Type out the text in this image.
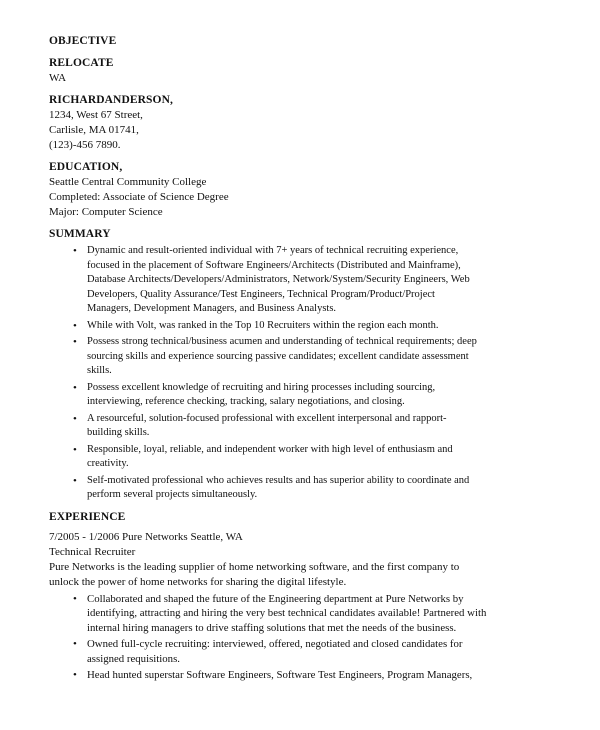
OBJECTIVE
RELOCATE
WA
RICHARDANDERSON,
1234, West 67 Street,
Carlisle, MA 01741,
(123)-456 7890.
EDUCATION,
Seattle Central Community College
Completed: Associate of Science Degree
Major: Computer Science
SUMMARY
• Dynamic and result-oriented individual with 7+ years of technical recruiting experience,
focused in the placement of Software Engineers/Architects (Distributed and Mainframe),
Database Architects/Developers/Administrators, Network/System/Security Engineers, Web
Developers, Quality Assurance/Test Engineers, Technical Program/Product/Project
Managers, Development Managers, and Business Analysts.
• While with Volt, was ranked in the Top 10 Recruiters within the region each month.
• Possess strong technical/business acumen and understanding of technical requirements; deep
sourcing skills and experience sourcing passive candidates; excellent candidate assessment
skills.
• Possess excellent knowledge of recruiting and hiring processes including sourcing,
interviewing, reference checking, tracking, salary negotiations, and closing.
• A resourceful, solution-focused professional with excellent interpersonal and rapport-
building skills.
• Responsible, loyal, reliable, and independent worker with high level of enthusiasm and
creativity.
• Self-motivated professional who achieves results and has superior ability to coordinate and
perform several projects simultaneously.
EXPERIENCE
7/2005 - 1/2006 Pure Networks Seattle, WA
Technical Recruiter
Pure Networks is the leading supplier of home networking software, and the first company to
unlock the power of home networks for sharing the digital lifestyle.
• Collaborated and shaped the future of the Engineering department at Pure Networks by
identifying, attracting and hiring the very best technical candidates available! Partnered with
internal hiring managers to drive staffing solutions that met the needs of the business.
• Owned full-cycle recruiting: interviewed, offered, negotiated and closed candidates for
assigned requisitions.
• Head hunted superstar Software Engineers, Software Test Engineers, Program Managers,
